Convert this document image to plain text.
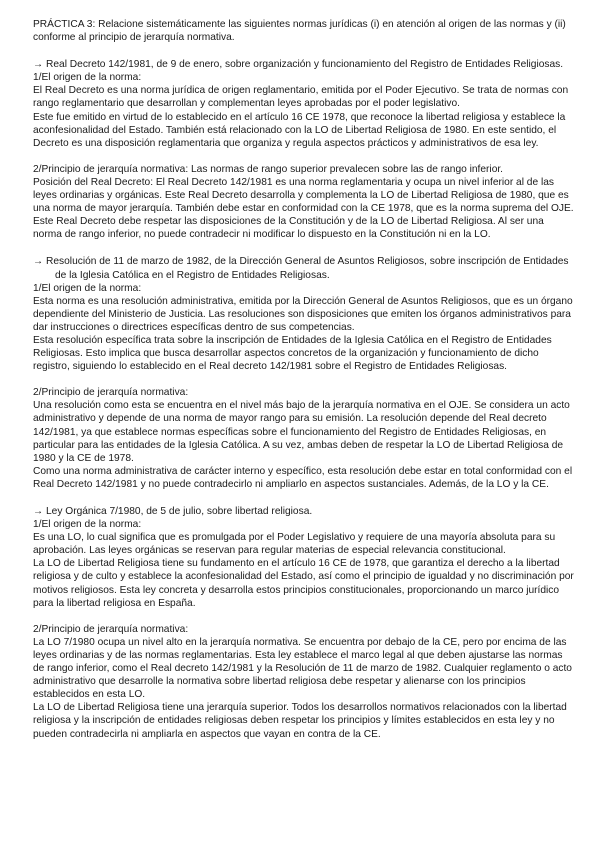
PRÁCTICA 3: Relacione sistemáticamente las siguientes normas jurídicas (i) en atención al origen de las normas y (ii) conforme al principio de jerarquía normativa.

→ Real Decreto 142/1981, de 9 de enero, sobre organización y funcionamiento del Registro de Entidades Religiosas.

1/El origen de la norma:

El Real Decreto es una norma jurídica de origen reglamentario, emitida por el Poder Ejecutivo. Se trata de normas con rango reglamentario que desarrollan y complementan leyes aprobadas por el poder legislativo.

Este fue emitido en virtud de lo establecido en el artículo 16 CE 1978, que reconoce la libertad religiosa y establece la aconfesionalidad del Estado. También está relacionado con la LO de Libertad Religiosa de 1980. En este sentido, el Decreto es una disposición reglamentaria que organiza y regula aspectos prácticos y administrativos de esa ley.

2/Principio de jerarquía normativa: Las normas de rango superior prevalecen sobre las de rango inferior.

Posición del Real Decreto: El Real Decreto 142/1981 es una norma reglamentaria y ocupa un nivel inferior al de las leyes ordinarias y orgánicas. Este Real Decreto desarrolla y complementa la LO de Libertad Religiosa de 1980, que es una norma de mayor jerarquía. También debe estar en conformidad con la CE 1978, que es la norma suprema del OJE.

Este Real Decreto debe respetar las disposiciones de la Constitución y de la LO de Libertad Religiosa. Al ser una norma de rango inferior, no puede contradecir ni modificar lo dispuesto en la Constitución ni en la LO.

→ Resolución de 11 de marzo de 1982, de la Dirección General de Asuntos Religiosos, sobre inscripción de Entidades de la Iglesia Católica en el Registro de Entidades Religiosas.

1/El origen de la norma:

Esta norma es una resolución administrativa, emitida por la Dirección General de Asuntos Religiosos, que es un órgano dependiente del Ministerio de Justicia. Las resoluciones son disposiciones que emiten los órganos administrativos para dar instrucciones o directrices específicas dentro de sus competencias.

Esta resolución específica trata sobre la inscripción de Entidades de la Iglesia Católica en el Registro de Entidades Religiosas. Esto implica que busca desarrollar aspectos concretos de la organización y funcionamiento de dicho registro, siguiendo lo establecido en el Real decreto 142/1981 sobre el Registro de Entidades Religiosas.

2/Principio de jerarquía normativa:

Una resolución como esta se encuentra en el nivel más bajo de la jerarquía normativa en el OJE. Se considera un acto administrativo y depende de una norma de mayor rango para su emisión. La resolución depende del Real decreto 142/1981, ya que establece normas específicas sobre el funcionamiento del Registro de Entidades Religiosas, en particular para las entidades de la Iglesia Católica. A su vez, ambas deben de respetar la LO de Libertad Religiosa de 1980 y la CE de 1978.

Como una norma administrativa de carácter interno y específico, esta resolución debe estar en total conformidad con el Real Decreto 142/1981 y no puede contradecirlo ni ampliarlo en aspectos sustanciales. Además, de la LO y la CE.

→ Ley Orgánica 7/1980, de 5 de julio, sobre libertad religiosa.

1/El origen de la norma:

Es una LO, lo cual significa que es promulgada por el Poder Legislativo y requiere de una mayoría absoluta para su aprobación. Las leyes orgánicas se reservan para regular materias de especial relevancia constitucional.

La LO de Libertad Religiosa tiene su fundamento en el artículo 16 CE de 1978, que garantiza el derecho a la libertad religiosa y de culto y establece la aconfesionalidad del Estado, así como el principio de igualdad y no discriminación por motivos religiosos. Esta ley concreta y desarrolla estos principios constitucionales, proporcionando un marco jurídico para la libertad religiosa en España.

2/Principio de jerarquía normativa:

La LO 7/1980 ocupa un nivel alto en la jerarquía normativa. Se encuentra por debajo de la CE, pero por encima de las leyes ordinarias y de las normas reglamentarias. Esta ley establece el marco legal al que deben ajustarse las normas de rango inferior, como el Real decreto 142/1981 y la Resolución de 11 de marzo de 1982. Cualquier reglamento o acto administrativo que desarrolle la normativa sobre libertad religiosa debe respetar y alienarse con los principios establecidos en esta LO.

La LO de Libertad Religiosa tiene una jerarquía superior. Todos los desarrollos normativos relacionados con la libertad religiosa y la inscripción de entidades religiosas deben respetar los principios y límites establecidos en esta ley y no pueden contradecirla ni ampliarla en aspectos que vayan en contra de la CE.
